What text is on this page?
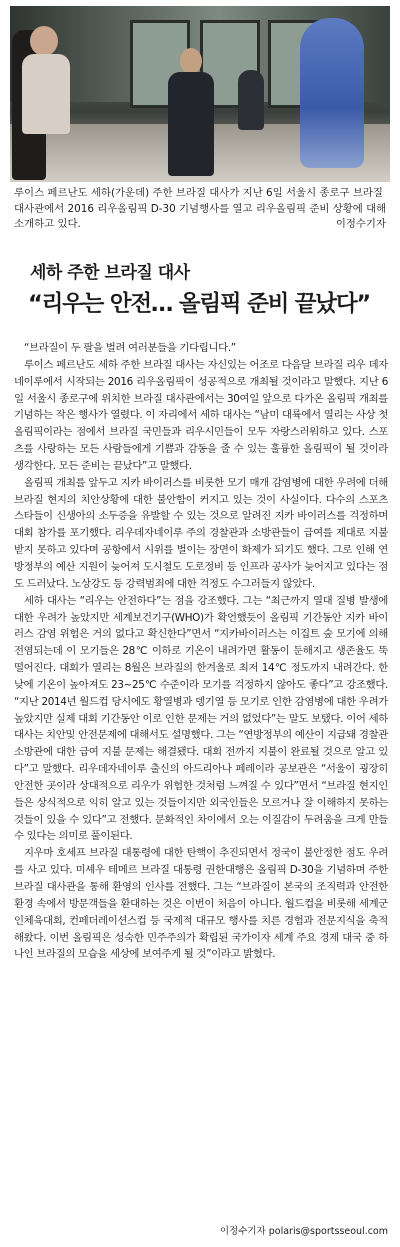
루이스 페르난도 세하(가운데) 주한 브라질 대사가 지난 6일 서울시 종로구 브라질대사관에서 2016 리우올림픽 D-30 기념행사를 열고 리우올림픽 준비 상황에 대해 소개하고 있다.	이정수기자
세하 주한 브라질 대사
“리우는 안전… 올림픽 준비 끝났다”

“브라질이 두 팔을 벌려 여러분들을 기다립니다.”

루이스 페르난도 세하 주한 브라질 대사는 자신있는 어조로 다음달 브라질 리우 데자네이루에서 시작되는 2016 리우올림픽이 성공적으로 개최될 것이라고 말했다. 지난 6일 서울시 종로구에 위치한 브라질 대사관에서는 30여일 앞으로 다가온 올림픽 개최를 기념하는 작은 행사가 열렸다. 이 자리에서 세하 대사는 “남미 대륙에서 열리는 사상 첫 올림픽이라는 점에서 브라질 국민들과 리우시민들이 모두 자랑스러워하고 있다. 스포츠를 사랑하는 모든 사람들에게 기쁨과 감동을 줄 수 있는 훌륭한 올림픽이 될 것이라 생각한다. 모든 준비는 끝났다”고 말했다.

올림픽 개최를 앞두고 지카 바이러스를 비롯한 모기 매개 감염병에 대한 우려에 더해 브라질 현지의 치안상황에 대한 불안함이 커지고 있는 것이 사실이다. 다수의 스포츠 스타들이 신생아의 소두증을 유발할 수 있는 것으로 알려진 지카 바이러스를 걱정하며 대회 참가를 포기했다. 리우데자네이루 주의 경찰관과 소방관들이 급여를 제대로 지불받지 못하고 있다며 공항에서 시위를 벌이는 장면이 화제가 되기도 했다. 그로 인해 연방정부의 예산 지원이 늦어져 도시철도 도로정비 등 인프라 공사가 늦어지고 있다는 점도 드러났다. 노상강도 등 강력범죄에 대한 걱정도 수그러들지 않았다.

세하 대사는 “리우는 안전하다”는 점을 강조했다. 그는 “최근까지 열대 질병 발생에 대한 우려가 높았지만 세계보건기구(WHO)가 확언했듯이 올림픽 기간동안 지카 바이러스 감염 위험은 거의 없다고 확신한다”면서 “지카바이러스는 이집트 숲 모기에 의해 전염되는데 이 모기들은 28℃ 이하로 기온이 내려가면 활동이 둔해지고 생존율도 뚝 떨어진다. 대회가 열리는 8월은 브라질의 한겨울로 최저 14℃ 정도까지 내려간다. 한낮에 기온이 높아져도 23~25℃ 수준이라 모기를 걱정하지 않아도 좋다”고 강조했다. “지난 2014년 월드컵 당시에도 황열병과 뎅기열 등 모기로 인한 감염병에 대한 우려가 높았지만 실제 대회 기간동안 이로 인한 문제는 거의 없었다”는 말도 보탰다. 이어 세하 대사는 치안및 안전문제에 대해서도 설명했다. 그는 “연방정부의 예산이 지급돼 경찰관 소방관에 대한 급여 지불 문제는 해결됐다. 대회 전까지 지불이 완료될 것으로 알고 있다”고 말했다. 리우데자네이루 출신의 아드리아나 페레이라 공보관은 “서울이 굉장히 안전한 곳이라 상대적으로 리우가 위험한 것처럼 느껴질 수 있다”면서 “브라질 현지인들은 상식적으로 익히 알고 있는 것들이지만 외국인들은 모르거나 잘 이해하지 못하는 것들이 있을 수 있다”고 전했다. 문화적인 차이에서 오는 이질감이 두려움을 크게 만들 수 있다는 의미로 풀이된다.

지우마 호세프 브라질 대통령에 대한 탄핵이 추진되면서 정국이 불안정한 점도 우려를 사고 있다. 미셰우 테메르 브라질 대통령 권한대행은 올림픽 D-30을 기념하며 주한 브라질 대사관을 통해 환영의 인사를 전했다. 그는 “브라질이 본국의 조직력과 안전한 환경 속에서 방문객들을 환대하는 것은 이번이 처음이 아니다. 월드컵을 비롯해 세계군인체육대회, 컨페더레이션스컵 등 국제적 대규모 행사를 치른 경험과 전문지식을 축적해왔다. 이번 올림픽은 성숙한 민주주의가 확립된 국가이자 세계 주요 경제 대국 중 하나인 브라질의 모습을 세상에 보여주게 될 것”이라고 밝혔다.

이정수기자 polaris@sportsseoul.com
